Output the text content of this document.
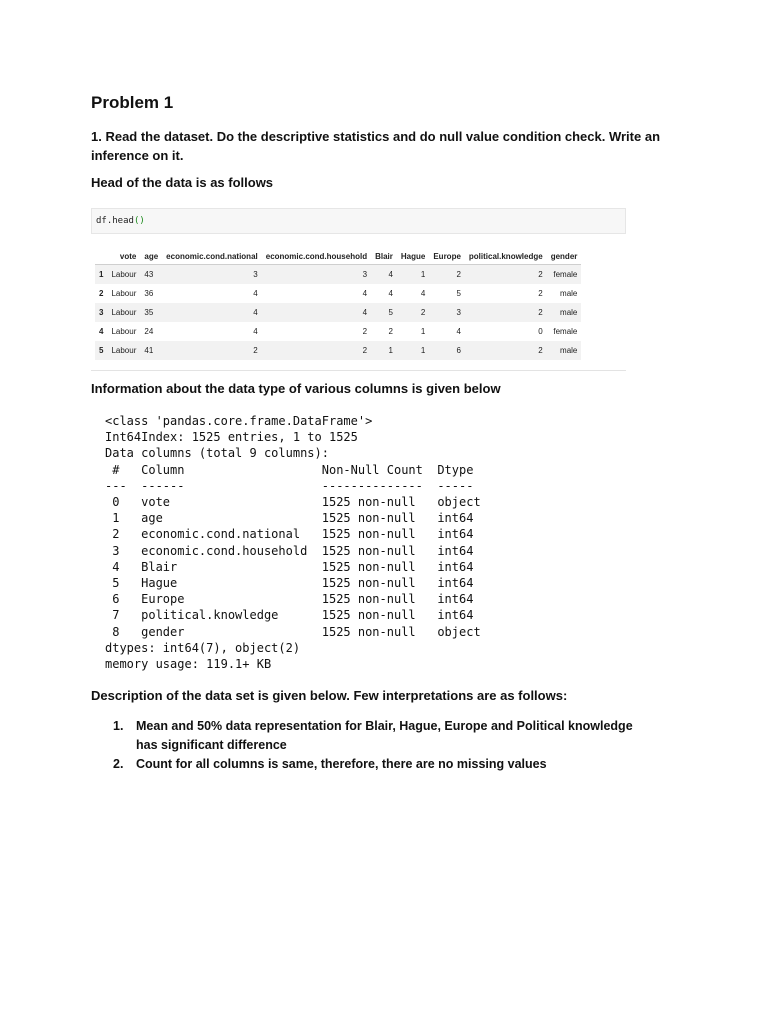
Problem 1

1. Read the dataset. Do the descriptive statistics and do null value condition check. Write an inference on it.

Head of the data is as follows

df.head()
	vote	age	economic.cond.national	economic.cond.household	Blair	Hague	Europe	political.knowledge	gender
1	Labour	43	3	3	4	1	2	2	female
2	Labour	36	4	4	4	4	5	2	male
3	Labour	35	4	4	5	2	3	2	male
4	Labour	24	4	2	2	1	4	0	female
5	Labour	41	2	2	1	1	6	2	male

Information about the data type of various columns is given below

<class 'pandas.core.frame.DataFrame'>
Int64Index: 1525 entries, 1 to 1525
Data columns (total 9 columns):
#   Column                   Non-Null Count  Dtype
---  ------                   --------------  -----
0   vote                     1525 non-null   object
1   age                      1525 non-null   int64
2   economic.cond.national   1525 non-null   int64
3   economic.cond.household  1525 non-null   int64
4   Blair                    1525 non-null   int64
5   Hague                    1525 non-null   int64
6   Europe                   1525 non-null   int64
7   political.knowledge      1525 non-null   int64
8   gender                   1525 non-null   object
dtypes: int64(7), object(2)
memory usage: 119.1+ KB

Description of the data set is given below. Few interpretations are as follows:

1. Mean and 50% data representation for Blair, Hague, Europe and Political knowledge has significant difference
2. Count for all columns is same, therefore, there are no missing values
